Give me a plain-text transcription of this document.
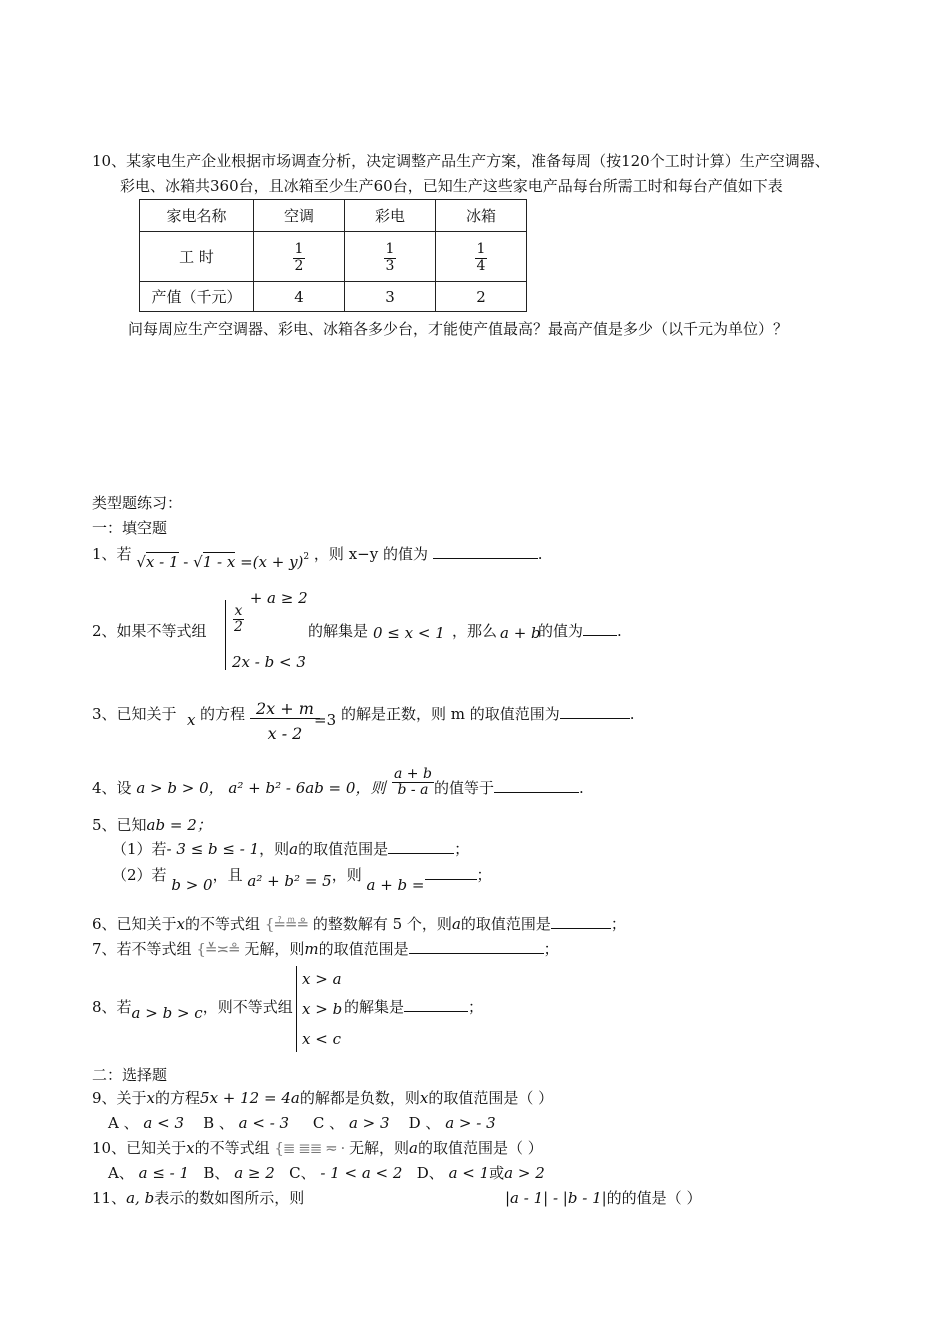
10、某家电生产企业根据市场调查分析，决定调整产品生产方案，准备每周（按120个工时计算）生产空调器、
彩电、冰箱共360台，且冰箱至少生产60台，已知生产这些家电产品每台所需工时和每台产值如下表
家电名称	空调	彩电	冰箱
工 时	$\frac{1}{2}$	$\frac{1}{3}$	$\frac{1}{4}$

产值（千元）	4	3	2
问每周应生产空调器、彩电、冰箱各多少台，才能使产值最高？最高产值是多少（以千元为单位）？
类型题练习：
一：填空题
1、若 $√x - 1 - √1 - x =(x + y)^2$ ，则 x−y 的值为	.
2、如果不等式组 $\frac{x}{2}$
+ a ≥ 2
2x - b < 3
的解集是 0 ≤ x < 1 ，那么 a + b
的值为 .
3、已知关于 x 的方程 $\frac{2x + m}{x - 2}$
=3 的解是正数，则 m 的取值范围为	.
4、设 a > b > 0， a² + b² - 6ab = 0，则 $\frac{a + b}{b - a}$ 的值等于	.
5、已知ab = 2；
（1）若- 3 ≤ b ≤ - 1，则a的取值范围是	；
（2）若 b > 0，且 a² + b² = 5，则 a + b =；
6、已知关于x的不等式组 {≟≞≗ 的整数解有 5 个，则a的取值范围是	；
7、若不等式组 {≚≍≗ 无解，则m的取值范围是	；
8、若a > b > c，则不等式组
x > a
x > b
x < c
的解集是	；
二：选择题
9、关于x的方程5x + 12 = 4a的解都是负数，则x的取值范围是（ ）
A 、 a < 3 B 、 a < - 3 C 、 a > 3 D 、 a > - 3
10、已知关于x的不等式组 {≣ ≣≣ ≂ · 无解，则a的取值范围是（ ）
A、 a ≤ - 1 B、 a ≥ 2 C、 - 1 < a < 2 D、 a < 1或a > 2
11、a, b表示的数如图所示，则	|a - 1| - |b - 1|的的值是（ ）
